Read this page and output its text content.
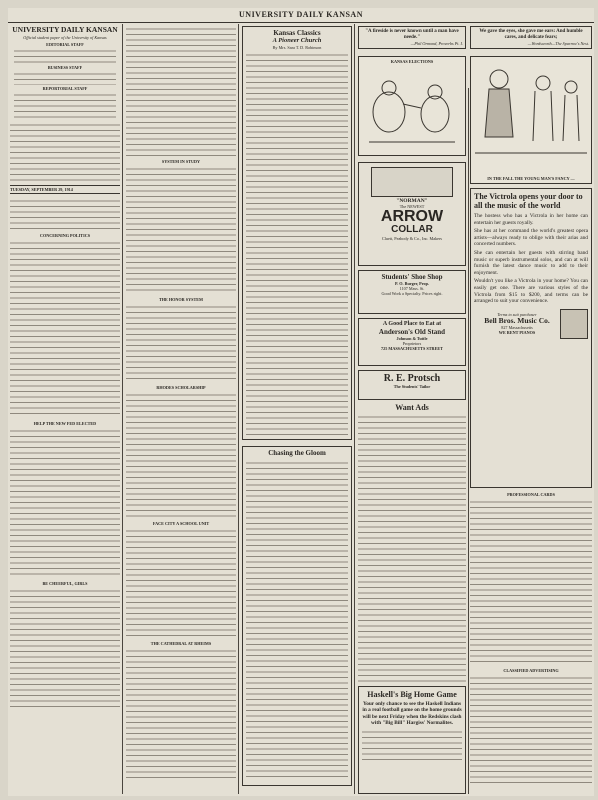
UNIVERSITY DAILY KANSAN
UNIVERSITY DAILY KANSAN
Official student paper of the University of Kansas
EDITORIAL STAFF
BUSINESS STAFF
REPORTORIAL STAFF
TUESDAY, SEPTEMBER 29, 1914
CONCERNING POLITICS
HELP THE NEW FED ELECTED
BE CHEERFUL, GIRLS
SYSTEM IN STUDY
THE HONOR SYSTEM
RHODES SCHOLARSHIP
FACE CITY A SCHOOL UNIT
THE CATHEDRAL AT RHEIMS
Kansas Classics
A Pioneer Church
By Mrs. Sara T. D. Robinson
Chasing the Gloom
"A fireside is never known until a man have neede."
—Phil Ormond, Proverbs Pt. I.
KANSAS ELECTIONS
"NORMAN"
The NEWEST
ARROW
COLLAR
Cluett, Peabody & Co., Inc. Makers
Students' Shoe Shop
P. O. Burger, Prop.
1107 Mass. St.
Good Work a Specialty. Prices right.
A Good Place to Eat at
Anderson's Old Stand
Johnson & Tuttle
Proprietors
725 MASSACHUSETTS STREET
R. E. Protsch
The Students' Tailor
Want Ads
Haskell's Big Home Game
Your only chance to see the Haskell Indians in a real football game on the home grounds will be next Friday when the Redskins clash with "Big Bill" Hargiss' Normalites.
We gave the eyes, she gave me ears: And humble cares, and delicate fears;
—Wordsworth—The Sparrow's Nest.
IN THE FALL THE YOUNG MAN'S FANCY —
The Victrola opens your door to all the music of the world
The hostess who has a Victrola in her home can entertain her guests royally.
She has at her command the world's greatest opera artists—always ready to oblige with their arias and concerted numbers.
She can entertain her guests with stirring band music or superb instrumental solos, and can at will furnish the latest dance music to add to their enjoyment.
Wouldn't you like a Victrola in your home? You can easily get one. There are various styles of the Victrola from $15 to $200, and terms can be arranged to suit your convenience.
Terms to suit purchaser
Bell Bros. Music Co.
827 Massachusetts
WE RENT PIANOS
PROFESSIONAL CARDS
CLASSIFIED ADVERTISING
